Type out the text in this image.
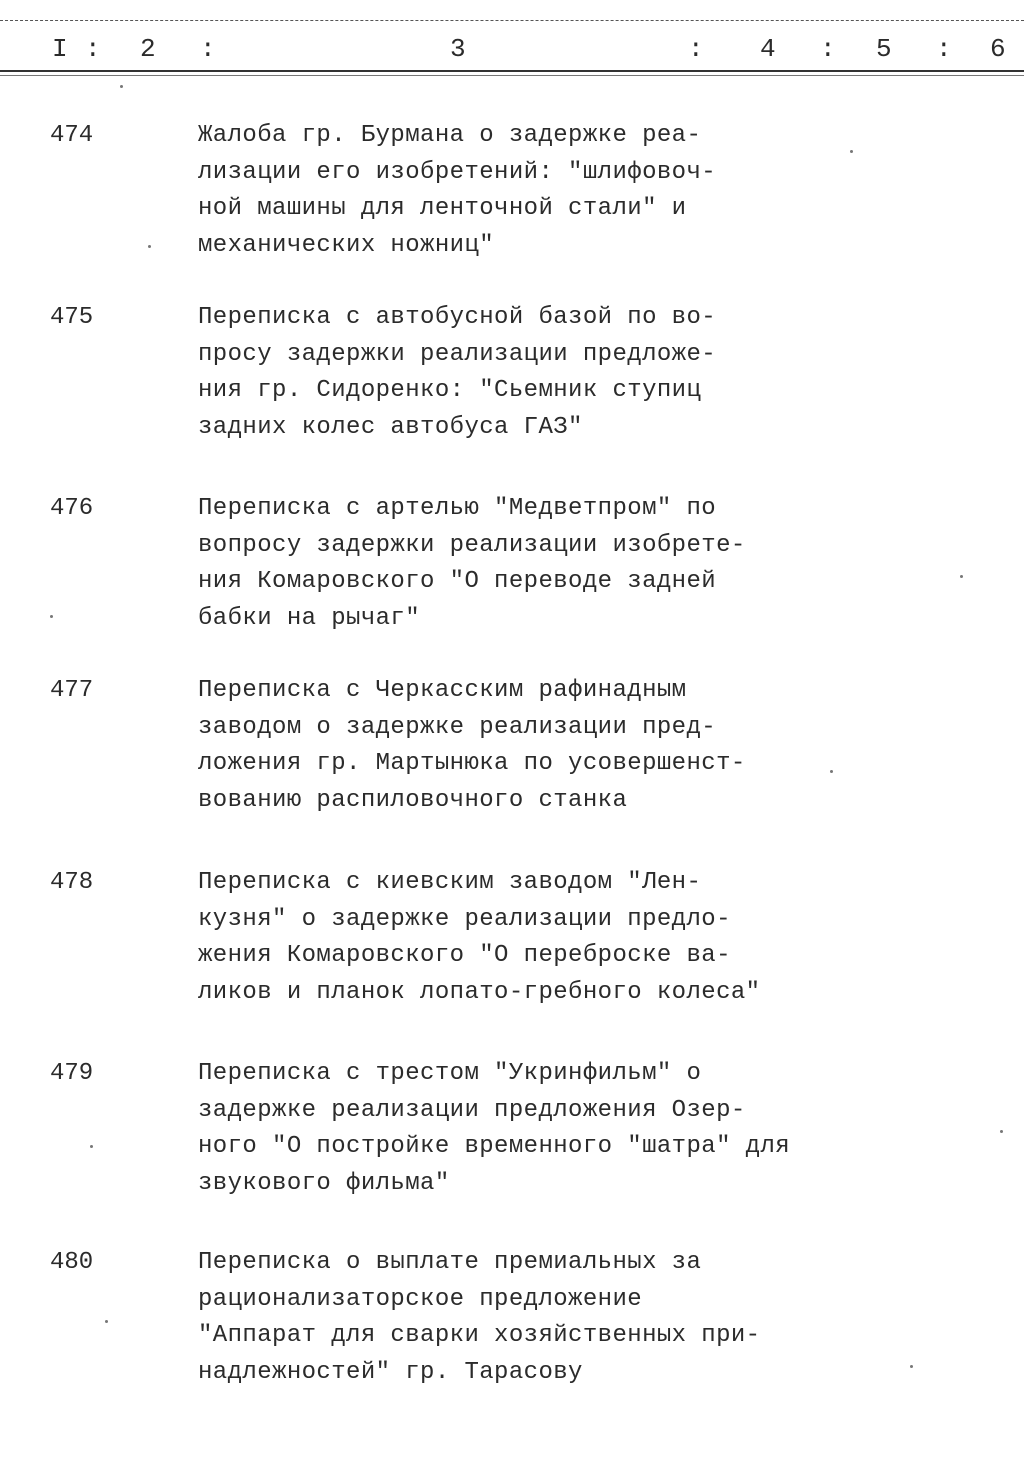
I : 2 :	3	: 4 : 5 : 6
474	Жалоба гр. Бурмана о задержке реа-
лизации его изобретений: "шлифовоч-
ной машины для ленточной стали" и
механических ножниц"
475	Переписка с автобусной базой по во-
просу задержки реализации предложе-
ния гр. Сидоренко: "Сьемник ступиц
задних колес автобуса ГАЗ"
476	Переписка с артелью "Медветпром" по
вопросу задержки реализации изобрете-
ния Комаровского "О переводе задней
бабки на рычаг"
477	Переписка с Черкасским рафинадным
заводом о задержке реализации пред-
ложения гр. Мартынюка по усовершенст-
вованию распиловочного станка
478	Переписка с киевским заводом "Лен-
кузня" о задержке реализации предло-
жения Комаровского "О переброске ва-
ликов и планок лопато-гребного колеса"
479	Переписка с трестом "Укринфильм" о
задержке реализации предложения Озер-
ного "О постройке временного "шатра" для
звукового фильма"
480	Переписка о выплате премиальных за
рационализаторское предложение
"Аппарат для сварки хозяйственных при-
надлежностей" гр. Тарасову
